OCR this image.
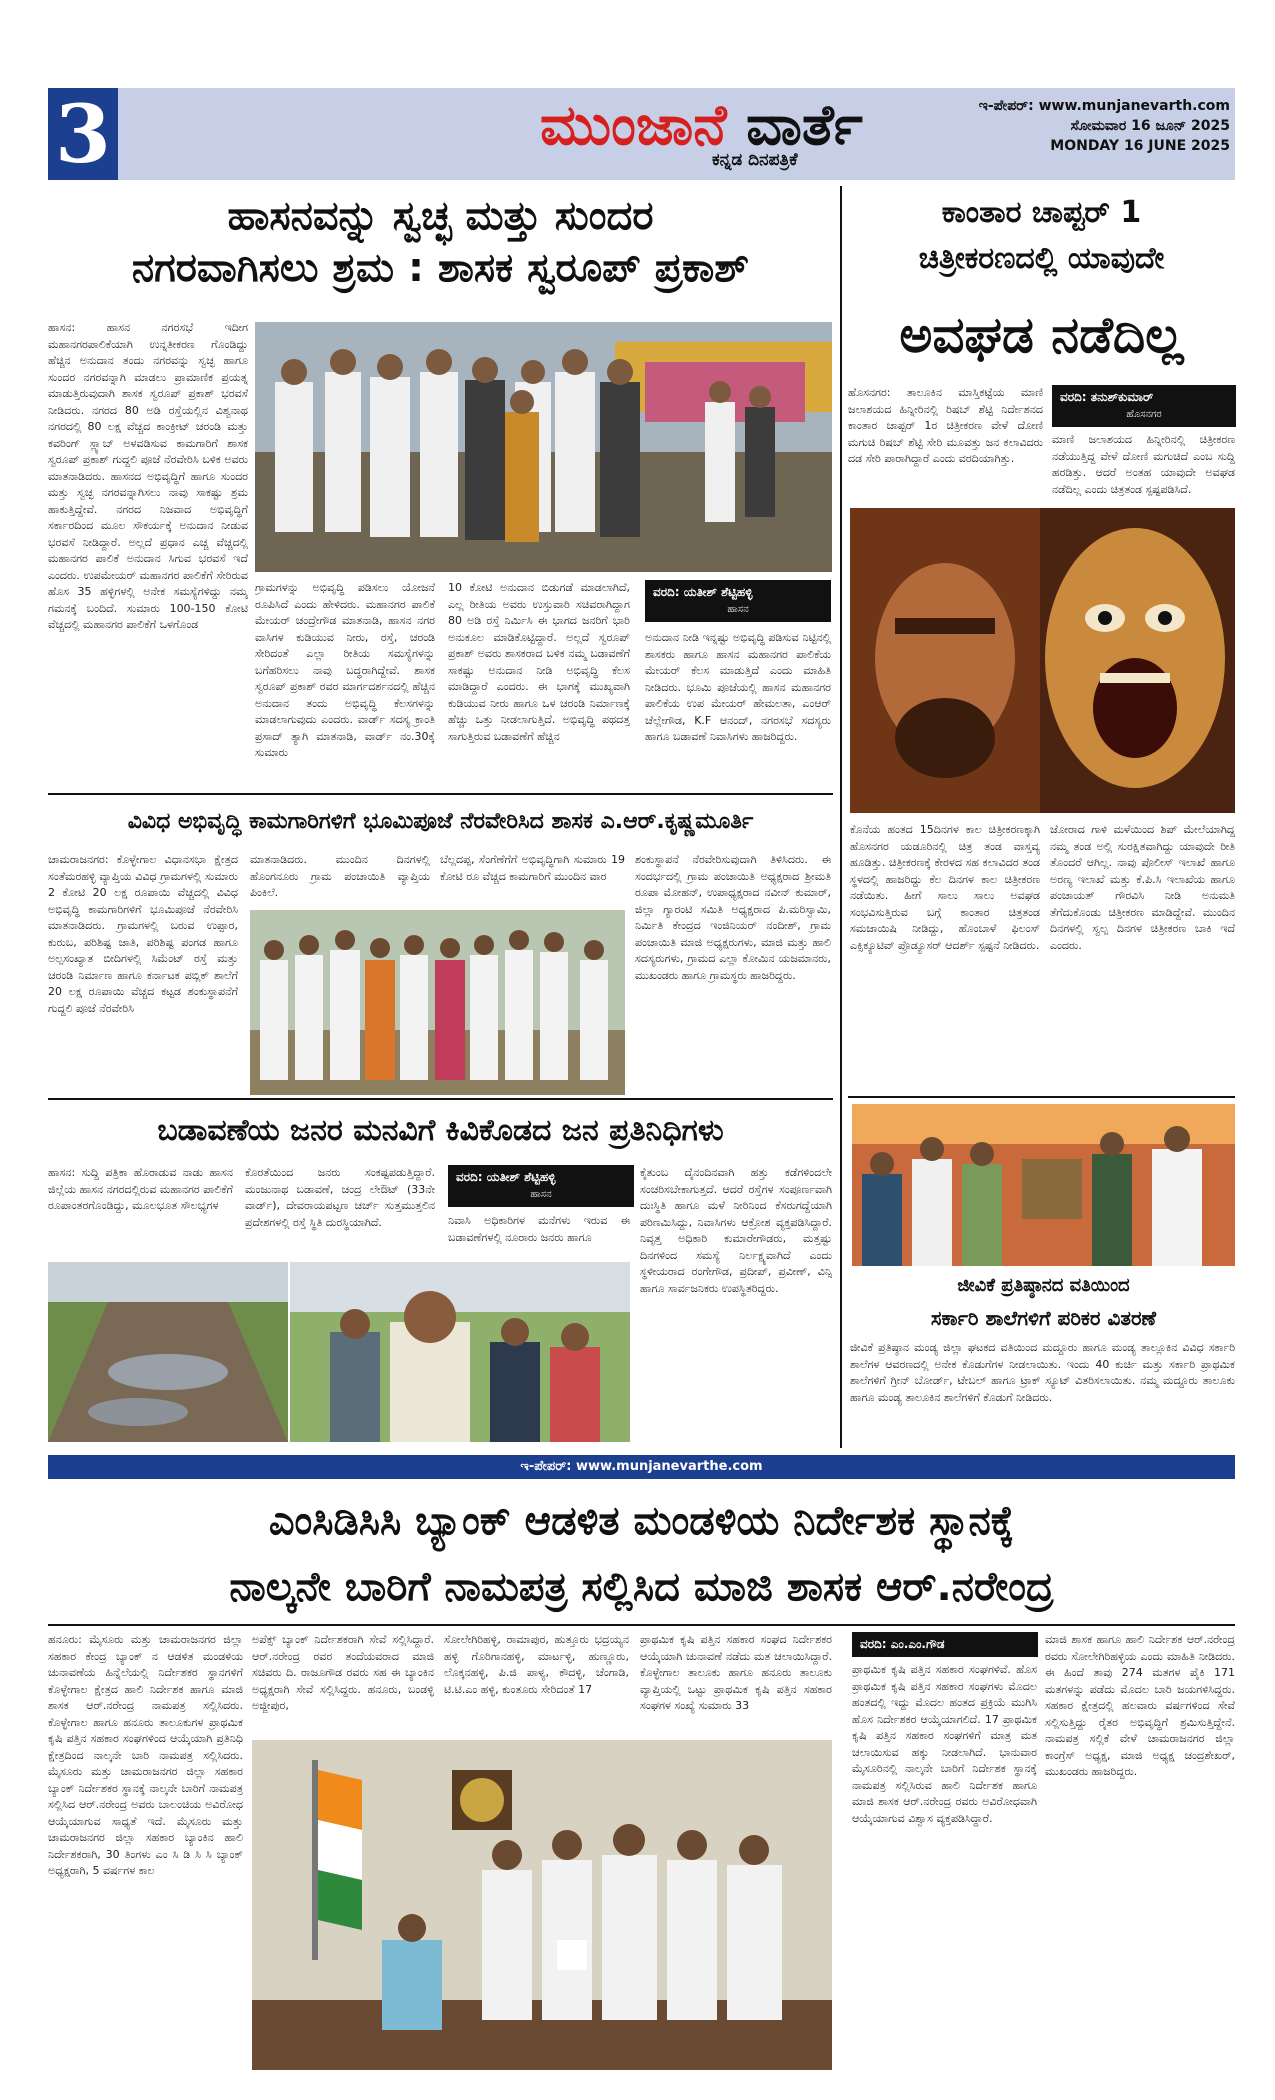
3	ಮುಂಜಾನೆ ವಾರ್ತೆ
ಕನ್ನಡ ದಿನಪತ್ರಿಕೆ
ಇ-ಪೇಪರ್: www.munjanevarth.com
ಸೋಮವಾರ 16 ಜೂನ್ 2025
MONDAY 16 JUNE 2025
ಹಾಸನವನ್ನು ಸ್ವಚ್ಛ ಮತ್ತು ಸುಂದರ
ನಗರವಾಗಿಸಲು ಶ್ರಮ : ಶಾಸಕ ಸ್ವರೂಪ್ ಪ್ರಕಾಶ್
ಹಾಸನ: ಹಾಸನ ನಗರಸಭೆ ಇದೀಗ ಮಹಾನಗರಪಾಲಿಕೆಯಾಗಿ ಉನ್ನತೀಕರಣ ಗೊಂಡಿದ್ದು ಹೆಚ್ಚಿನ ಅನುದಾನ ತಂದು ನಗರವನ್ನು ಸ್ವಚ್ಛ ಹಾಗೂ ಸುಂದರ ನಗರವನ್ನಾಗಿ ಮಾಡಲು ಪ್ರಾಮಾಣಿಕ ಪ್ರಯತ್ನ ಮಾಡುತ್ತಿರುವುದಾಗಿ ಶಾಸಕ ಸ್ವರೂಪ್ ಪ್ರಕಾಶ್ ಭರವಸೆ ನೀಡಿದರು. ನಗರದ 80 ಅಡಿ ರಸ್ತೆಯಲ್ಲಿನ ವಿಶ್ವನಾಥ ನಗರದಲ್ಲಿ 80 ಲಕ್ಷ ವೆಚ್ಚದ ಕಾಂಕ್ರೀಟ್ ಚರಂಡಿ ಮತ್ತು ಕವರಿಂಗ್ ಸ್ಲ್ಯಾಬ್ ಅಳವಡಿಸುವ ಕಾಮಗಾರಿಗೆ ಶಾಸಕ ಸ್ವರೂಪ್ ಪ್ರಕಾಶ್ ಗುದ್ದಲಿ ಪೂಜೆ ನೆರವೇರಿಸಿ ಬಳಿಕ ಅವರು ಮಾತನಾಡಿದರು. ಹಾಸನದ ಅಭಿವೃದ್ಧಿಗೆ ಹಾಗೂ ಸುಂದರ ಮತ್ತು ಸ್ವಚ್ಛ ನಗರವನ್ನಾಗಿಸಲು ನಾವು ಸಾಕಷ್ಟು ಶ್ರಮ ಹಾಕುತ್ತಿದ್ದೇವೆ. ನಗರದ ನಿಜವಾದ ಅಭಿವೃದ್ಧಿಗೆ ಸರ್ಕಾರದಿಂದ ಮೂಲ ಸೌಕರ್ಯಕ್ಕೆ ಅನುದಾನ ನೀಡುವ ಭರವಸೆ ನೀಡಿದ್ದಾರೆ. ಅಲ್ಲದೆ ಪ್ರಧಾನ ಎಚ್ಚ ವೆಚ್ಚದಲ್ಲಿ ಮಹಾನಗರ ಪಾಲಿಕೆ ಅನುದಾನ ಸಿಗುವ ಭರವಸೆ ಇದೆ ಎಂದರು. ಉಪಮೇಯರ್ ಮಹಾನಗರ ಪಾಲಿಕೆಗೆ ಸೇರಿರುವ ಹೊಸ 35 ಹಳ್ಳಿಗಳಲ್ಲಿ ಅನೇಕ ಸಮಸ್ಯೆಗಳಿದ್ದು ನಮ್ಮ ಗಮನಕ್ಕೆ ಬಂದಿದೆ. ಸುಮಾರು 100-150 ಕೋಟಿ ವೆಚ್ಚದಲ್ಲಿ ಮಹಾನಗರ ಪಾಲಿಕೆಗೆ ಒಳಗೊಂಡ
ಗ್ರಾಮಗಳನ್ನು ಅಭಿವೃದ್ಧಿ ಪಡಿಸಲು ಯೋಜನೆ ರೂಪಿಸಿದೆ ಎಂದು ಹೇಳಿದರು. ಮಹಾನಗರ ಪಾಲಿಕೆ ಮೇಯರ್ ಚಂದ್ರೇಗೌಡ ಮಾತನಾಡಿ, ಹಾಸನ ನಗರ ವಾಸಿಗಳ ಕುಡಿಯುವ ನೀರು, ರಸ್ತೆ, ಚರಂಡಿ ಸೇರಿದಂತೆ ಎಲ್ಲಾ ರೀತಿಯ ಸಮಸ್ಯೆಗಳನ್ನು ಬಗೆಹರಿಸಲು ನಾವು ಬದ್ಧರಾಗಿದ್ದೇವೆ. ಶಾಸಕ ಸ್ವರೂಪ್ ಪ್ರಕಾಶ್ ರವರ ಮಾರ್ಗದರ್ಶನದಲ್ಲಿ ಹೆಚ್ಚಿನ ಅನುದಾನ ತಂದು ಅಭಿವೃದ್ಧಿ ಕೆಲಸಗಳನ್ನು ಮಾಡಲಾಗುವುದು ಎಂದರು. ವಾರ್ಡ್ ಸದಸ್ಯ ಕ್ರಾಂತಿ ಪ್ರಸಾದ್ ತ್ಯಾಗಿ ಮಾತನಾಡಿ, ವಾರ್ಡ್ ನಂ.30ಕ್ಕೆ ಸುಮಾರು
10 ಕೋಟಿ ಅನುದಾನ ಬಿಡುಗಡೆ ಮಾಡಲಾಗಿದೆ, ಎಲ್ಲ ರೀತಿಯ ಅವರು ಉಸ್ತುವಾರಿ ಸಚಿವರಾಗಿದ್ದಾಗ 80 ಅಡಿ ರಸ್ತೆ ನಿರ್ಮಿಸಿ ಈ ಭಾಗದ ಜನರಿಗೆ ಭಾರಿ ಅನುಕೂಲ ಮಾಡಿಕೊಟ್ಟಿದ್ದಾರೆ. ಅಲ್ಲದೆ ಸ್ವರೂಪ್ ಪ್ರಕಾಶ್ ಅವರು ಶಾಸಕರಾದ ಬಳಿಕ ನಮ್ಮ ಬಡಾವಣೆಗೆ ಸಾಕಷ್ಟು ಅನುದಾನ ನೀಡಿ ಅಭಿವೃದ್ಧಿ ಕೆಲಸ ಮಾಡಿದ್ದಾರೆ ಎಂದರು. ಈ ಭಾಗಕ್ಕೆ ಮುಖ್ಯವಾಗಿ ಕುಡಿಯುವ ನೀರು ಹಾಗೂ ಒಳ ಚರಂಡಿ ನಿರ್ಮಾಣಕ್ಕೆ ಹೆಚ್ಚು ಒತ್ತು ನೀಡಲಾಗುತ್ತಿದೆ. ಅಭಿವೃದ್ಧಿ ಪಥದತ್ತ ಸಾಗುತ್ತಿರುವ ಬಡಾವಣೆಗೆ ಹೆಚ್ಚಿನ
ವರದಿ: ಯತೀಶ್ ಶೆಟ್ಟಿಹಳ್ಳಿ
ಹಾಸನ
ಅನುದಾನ ನೀಡಿ ಇನ್ನಷ್ಟು ಅಭಿವೃದ್ಧಿ ಪಡಿಸುವ ನಿಟ್ಟಿನಲ್ಲಿ ಶಾಸಕರು ಹಾಗೂ ಹಾಸನ ಮಹಾನಗರ ಪಾಲಿಕೆಯ ಮೇಯರ್ ಕೆಲಸ ಮಾಡುತ್ತಿದೆ ಎಂದು ಮಾಹಿತಿ ನೀಡಿದರು. ಭೂಮಿ ಪೂಜೆಯಲ್ಲಿ ಹಾಸನ ಮಹಾನಗರ ಪಾಲಿಕೆಯ ಉಪ ಮೇಯರ್ ಹೇಮಲತಾ, ಎಂಆರ್ ಚೆಲ್ಲೇಗೌಡ, K.F ಆನಂದ್, ನಗರಸಭೆ ಸದಸ್ಯರು ಹಾಗೂ ಬಡಾವಣೆ ನಿವಾಸಿಗಳು ಹಾಜರಿದ್ದರು.
ವಿವಿಧ ಅಭಿವೃದ್ಧಿ ಕಾಮಗಾರಿಗಳಿಗೆ ಭೂಮಿಪೂಜೆ ನೆರವೇರಿಸಿದ ಶಾಸಕ ಎ.ಆರ್.ಕೃಷ್ಣಮೂರ್ತಿ
ಚಾಮರಾಜನಗರ: ಕೊಳ್ಳೇಗಾಲ ವಿಧಾನಸಭಾ ಕ್ಷೇತ್ರದ ಸಂತೆಮರಹಳ್ಳಿ ವ್ಯಾಪ್ತಿಯ ವಿವಿಧ ಗ್ರಾಮಗಳಲ್ಲಿ ಸುಮಾರು 2 ಕೋಟಿ 20 ಲಕ್ಷ ರೂಪಾಯಿ ವೆಚ್ಚದಲ್ಲಿ ವಿವಿಧ ಅಭಿವೃದ್ಧಿ ಕಾಮಗಾರಿಗಳಿಗೆ ಭೂಮಿಪೂಜೆ ನೆರವೇರಿಸಿ ಮಾತನಾಡಿದರು. ಗ್ರಾಮಗಳಲ್ಲಿ ಬರುವ ಉಪ್ಪಾರ, ಕುರುಬ, ಪರಿಶಿಷ್ಟ ಜಾತಿ, ಪರಿಶಿಷ್ಟ ಪಂಗಡ ಹಾಗೂ ಅಲ್ಪಸಂಖ್ಯಾತ ಬೀದಿಗಳಲ್ಲಿ ಸಿಮೆಂಟ್ ರಸ್ತೆ ಮತ್ತು ಚರಂಡಿ ನಿರ್ಮಾಣ ಹಾಗೂ ಕರ್ನಾಟಕ ಪಬ್ಲಿಕ್ ಶಾಲೆಗೆ 20 ಲಕ್ಷ ರೂಪಾಯಿ ವೆಚ್ಚದ ಕಟ್ಟಡ ಶಂಕುಸ್ಥಾಪನೆಗೆ ಗುದ್ದಲಿ ಪೂಜೆ ನೆರವೇರಿಸಿ
ಮಾತನಾಡಿದರು. ಮುಂದಿನ ದಿನಗಳಲ್ಲಿ ಹೊಂಗನೂರು ಗ್ರಾಮ ಪಂಚಾಯಿತಿ ವ್ಯಾಪ್ತಿಯ ಪಿಂಕಿಲೆ.
ಬೆಲ್ಲದಪ್ಪ, ಸೆಂಗೆಣೆಗೆಗೆ ಅಭಿವೃದ್ಧಿಗಾಗಿ ಸುಮಾರು 19 ಕೋಟಿ ರೂ ವೆಚ್ಚದ ಕಾಮಗಾರಿಗೆ ಮುಂದಿನ ವಾರ
ಶಂಕುಸ್ಥಾಪನೆ ನೆರವೇರಿಸುವುದಾಗಿ ತಿಳಿಸಿದರು. ಈ ಸಂದರ್ಭದಲ್ಲಿ ಗ್ರಾಮ ಪಂಚಾಯಿತಿ ಅಧ್ಯಕ್ಷರಾದ ಶ್ರೀಮತಿ ರೂಪಾ ಮೋಹನ್, ಉಪಾಧ್ಯಕ್ಷರಾದ ನವೀನ್ ಕುಮಾರ್, ಜಿಲ್ಲಾ ಗ್ಯಾರಂಟಿ ಸಮಿತಿ ಅಧ್ಯಕ್ಷರಾದ ಪಿ.ಮರಿಸ್ವಾಮಿ, ನಿರ್ಮಿತಿ ಕೇಂದ್ರದ ಇಂಜಿನಿಯರ್ ನಂದೀಶ್, ಗ್ರಾಮ ಪಂಚಾಯಿತಿ ಮಾಜಿ ಅಧ್ಯಕ್ಷರುಗಳು, ಮಾಜಿ ಮತ್ತು ಹಾಲಿ ಸದಸ್ಯರುಗಳು, ಗ್ರಾಮದ ಎಲ್ಲಾ ಕೋಮಿನ ಯಜಮಾನರು, ಮುಖಂಡರು ಹಾಗೂ ಗ್ರಾಮಸ್ಥರು ಹಾಜರಿದ್ದರು.
ಬಡಾವಣೆಯ ಜನರ ಮನವಿಗೆ ಕಿವಿಕೊಡದ ಜನ ಪ್ರತಿನಿಧಿಗಳು
ಹಾಸನ: ಸುದ್ದಿ ಪತ್ರಿಕಾ ಹೊರಾಡುವ ನಾಡು ಹಾಸನ ಜಿಲ್ಲೆಯ ಹಾಸನ ನಗರದಲ್ಲಿರುವ ಮಹಾನಗರ ಪಾಲಿಕೆಗೆ ರೂಪಾಂತರಗೊಂಡಿದ್ದು, ಮೂಲಭೂತ ಸೌಲಭ್ಯಗಳ
ಕೊರತೆಯಿಂದ ಜನರು ಸಂಕಷ್ಟಪಡುತ್ತಿದ್ದಾರೆ. ಮಂಜುನಾಥ ಬಡಾವಣೆ, ಚಂದ್ರ ಲೇಔಟ್ (33ನೇ ವಾರ್ಡ್), ದೇವರಾಯಪಟ್ಟಣ ಚರ್ಚ್ ಸುತ್ತಮುತ್ತಲಿನ ಪ್ರದೇಶಗಳಲ್ಲಿ ರಸ್ತೆ ಸ್ಥಿತಿ ದುರಸ್ಥಿಯಾಗಿದೆ.
ವರದಿ: ಯತೀಶ್ ಶೆಟ್ಟಿಹಳ್ಳಿ
ಹಾಸನ
ನಿವಾಸಿ ಅಧಿಕಾರಿಗಳ ಮನೆಗಳು ಇರುವ ಈ ಬಡಾವಣೆಗಳಲ್ಲಿ ನೂರಾರು ಜನರು ಹಾಗೂ
ಕೈತುಂಬ ದೈನಂದಿನವಾಗಿ ಹತ್ತು ಕಡೆಗಳಿಂದಲೇ ಸಂಚರಿಸಬೇಕಾಗುತ್ತದೆ. ಆದರೆ ರಸ್ತೆಗಳ ಸಂಪೂರ್ಣವಾಗಿ ದುಃಸ್ಥಿತಿ ಹಾಗೂ ಮಳೆ ನೀರಿನಿಂದ ಕೆಸರುಗದ್ದೆಯಾಗಿ ಪರಿಣಮಿಸಿದ್ದು, ನಿವಾಸಿಗಳು ಆಕ್ರೋಶ ವ್ಯಕ್ತಪಡಿಸಿದ್ದಾರೆ. ನಿವೃತ್ತ ಅಧಿಕಾರಿ ಕುಮಾರೇಗೌಡರು, ಮತ್ತಷ್ಟು ದಿನಗಳಿಂದ ಸಮಸ್ಯೆ ನಿರ್ಲಕ್ಷ್ಯವಾಗಿದೆ ಎಂದು ಸ್ಥಳೀಯರಾದ ರಂಗೇಗೌಡ, ಪ್ರದೀಪ್, ಪ್ರವೀಣ್, ವಿನ್ಸಿ ಹಾಗೂ ಸಾರ್ವಜನಿಕರು ಉಪಸ್ಥಿತರಿದ್ದರು.
ಕಾಂತಾರ ಚಾಪ್ಟರ್ 1
ಚಿತ್ರೀಕರಣದಲ್ಲಿ ಯಾವುದೇ
ಅವಘಡ ನಡೆದಿಲ್ಲ
ಹೊಸನಗರ: ತಾಲೂಕಿನ ಮಾಸ್ತಿಕಟ್ಟೆಯ ಮಾಣಿ ಜಲಾಶಯದ ಹಿನ್ನೀರಿನಲ್ಲಿ ರಿಷಬ್ ಶೆಟ್ಟಿ ನಿರ್ದೇಶನದ ಕಾಂತಾರ ಚಾಪ್ಟರ್ 1ರ ಚಿತ್ರೀಕರಣ ವೇಳೆ ದೋಣಿ ಮಗುಚಿ ರಿಷಬ್ ಶೆಟ್ಟಿ ಸೇರಿ ಮೂವತ್ತು ಜನ ಕಲಾವಿದರು ದಡ ಸೇರಿ ಪಾರಾಗಿದ್ದಾರೆ ಎಂದು ವರದಿಯಾಗಿತ್ತು.
ವರದಿ: ತನುಶ್‌ಕುಮಾರ್
ಹೊಸನಗರ
ಮಾಣಿ ಜಲಾಶಯದ ಹಿನ್ನೀರಿನಲ್ಲಿ ಚಿತ್ರೀಕರಣ ನಡೆಯುತ್ತಿದ್ದ ವೇಳೆ ದೋಣಿ ಮಗುಚಿದೆ ಎಂಬ ಸುದ್ದಿ ಹರಡಿತ್ತು. ಆದರೆ ಅಂತಹ ಯಾವುದೇ ಅವಘಡ ನಡೆದಿಲ್ಲ ಎಂದು ಚಿತ್ರತಂಡ ಸ್ಪಷ್ಟಪಡಿಸಿದೆ.
ಕೊನೆಯ ಹಂತದ 15ದಿನಗಳ ಕಾಲ ಚಿತ್ರೀಕರಣಕ್ಕಾಗಿ ಹೊಸನಗರ ಯಡೂರಿನಲ್ಲಿ ಚಿತ್ರ ತಂಡ ವಾಸ್ತವ್ಯ ಹೂಡಿತ್ತು. ಚಿತ್ರೀಕರಣಕ್ಕೆ ಕೇರಳದ ಸಹ ಕಲಾವಿದರ ತಂಡ ಸ್ಥಳದಲ್ಲಿ ಹಾಜರಿದ್ದು ಕೆಲ ದಿನಗಳ ಕಾಲ ಚಿತ್ರೀಕರಣ ನಡೆಯಿತು. ಹೀಗೆ ಸಾಲು ಸಾಲು ಅವಘಡ ಸಂಭವಿಸುತ್ತಿರುವ ಬಗ್ಗೆ ಕಾಂತಾರ ಚಿತ್ರತಂಡ ಸಮಜಾಯಿಷಿ ನೀಡಿದ್ದು, ಹೊಂಬಾಳೆ ಫಿಲಂಸ್ ಎಕ್ಸಿಕ್ಯೂಟಿವ್ ಪ್ರೊಡ್ಯೂಸರ್ ಆದರ್ಶ್ ಸ್ಪಷ್ಟನೆ ನೀಡಿದರು.
ಜೋರಾದ ಗಾಳಿ ಮಳೆಯಿಂದ ಶಿಪ್ ಮೇಲೆಯಾಗಿದ್ದ ನಮ್ಮ ತಂಡ ಅಲ್ಲಿ ಸುರಕ್ಷಿತವಾಗಿದ್ದು ಯಾವುದೇ ರೀತಿ ತೊಂದರೆ ಆಗಿಲ್ಲ. ನಾವು ಪೊಲೀಸ್ ಇಲಾಖೆ ಹಾಗೂ ಅರಣ್ಯ ಇಲಾಖೆ ಮತ್ತು ಕೆ.ಪಿ.ಸಿ ಇಲಾಖೆಯ ಹಾಗೂ ಪಂಚಾಯತ್ ಗೌರವಿಸಿ ನೀಡಿ ಅನುಮತಿ ತೆಗೆದುಕೊಂಡು ಚಿತ್ರೀಕರಣ ಮಾಡಿದ್ದೇವೆ. ಮುಂದಿನ ದಿನಗಳಲ್ಲಿ ಸ್ವಲ್ಪ ದಿನಗಳ ಚಿತ್ರೀಕರಣ ಬಾಕಿ ಇದೆ ಎಂದರು.
ಜೀವಿಕೆ ಪ್ರತಿಷ್ಠಾನದ ವತಿಯಿಂದ
ಸರ್ಕಾರಿ ಶಾಲೆಗಳಿಗೆ ಪರಿಕರ ವಿತರಣೆ
ಜೀವಿಕೆ ಪ್ರತಿಷ್ಠಾನ ಮಂಡ್ಯ ಜಿಲ್ಲಾ ಘಟಕದ ವತಿಯಿಂದ ಮದ್ದೂರು ಹಾಗೂ ಮಂಡ್ಯ ತಾಲ್ಲೂಕಿನ ವಿವಿಧ ಸರ್ಕಾರಿ ಶಾಲೆಗಳ ಆವರಣದಲ್ಲಿ ಅನೇಕ ಕೊಡುಗೆಗಳ ನೀಡಲಾಯಿತು. ಇಂದು 40 ಕುರ್ಚಿ ಮತ್ತು ಸರ್ಕಾರಿ ಪ್ರಾಥಮಿಕ ಶಾಲೆಗಳಿಗೆ ಗ್ರೀನ್ ಬೋರ್ಡ್, ಟೇಬಲ್ ಹಾಗೂ ಟ್ರಾಕ್ ಸ್ಯೂಟ್ ವಿತರಿಸಲಾಯಿತು. ನಮ್ಮ ಮದ್ದೂರು ತಾಲೂಕು ಹಾಗೂ ಮಂಡ್ಯ ತಾಲೂಕಿನ ಶಾಲೆಗಳಿಗೆ ಕೊಡುಗೆ ನೀಡಿದರು.
ಇ-ಪೇಪರ್: www.munjanevarthe.com
ಎಂಸಿಡಿಸಿಸಿ ಬ್ಯಾಂಕ್ ಆಡಳಿತ ಮಂಡಳಿಯ ನಿರ್ದೇಶಕ ಸ್ಥಾನಕ್ಕೆ
ನಾಲ್ಕನೇ ಬಾರಿಗೆ ನಾಮಪತ್ರ ಸಲ್ಲಿಸಿದ ಮಾಜಿ ಶಾಸಕ ಆರ್.ನರೇಂದ್ರ
ಹನೂರು: ಮೈಸೂರು ಮತ್ತು ಚಾಮರಾಜನಗರ ಜಿಲ್ಲಾ ಸಹಕಾರ ಕೇಂದ್ರ ಬ್ಯಾಂಕ್ ನ ಆಡಳಿತ ಮಂಡಳಿಯ ಚುನಾವಣೆಯ ಹಿನ್ನೆಲೆಯಲ್ಲಿ ನಿರ್ದೇಶಕರ ಸ್ಥಾನಗಳಿಗೆ ಕೊಳ್ಳೇಗಾಲ ಕ್ಷೇತ್ರದ ಹಾಲಿ ನಿರ್ದೇಶಕ ಹಾಗೂ ಮಾಜಿ ಶಾಸಕ ಆರ್.ನರೇಂದ್ರ ನಾಮಪತ್ರ ಸಲ್ಲಿಸಿದರು. ಕೊಳ್ಳೇಗಾಲ ಹಾಗೂ ಹನೂರು ತಾಲೂಕುಗಳ ಪ್ರಾಥಮಿಕ ಕೃಷಿ ಪತ್ತಿನ ಸಹಕಾರ ಸಂಘಗಳಿಂದ ಆಯ್ಕೆಯಾಗಿ ಪ್ರತಿನಿಧಿ ಕ್ಷೇತ್ರದಿಂದ ನಾಲ್ಕನೇ ಬಾರಿ ನಾಮಪತ್ರ ಸಲ್ಲಿಸಿದರು. ಮೈಸೂರು ಮತ್ತು ಚಾಮರಾಜನಗರ ಜಿಲ್ಲಾ ಸಹಕಾರ ಬ್ಯಾಂಕ್ ನಿರ್ದೇಶಕರ ಸ್ಥಾನಕ್ಕೆ ನಾಲ್ಕನೇ ಬಾರಿಗೆ ನಾಮಪತ್ರ ಸಲ್ಲಿಸಿದ ಆರ್.ನರೇಂದ್ರ ಅವರು ಬಾಲಂಚಿಯ ಅವಿರೋಧ ಆಯ್ಕೆಯಾಗುವ ಸಾಧ್ಯತೆ ಇದೆ. ಮೈಸೂರು ಮತ್ತು ಚಾಮರಾಜನಗರ ಜಿಲ್ಲಾ ಸಹಕಾರ ಬ್ಯಾಂಕಿನ ಹಾಲಿ ನಿರ್ದೇಶಕರಾಗಿ, 30 ತಿಂಗಳು ಎಂ ಸಿ ಡಿ ಸಿ ಸಿ ಬ್ಯಾಂಕ್ ಅಧ್ಯಕ್ಷರಾಗಿ, 5 ವರ್ಷಗಳ ಕಾಲ
ಅಪೆಕ್ಸ್ ಬ್ಯಾಂಕ್ ನಿರ್ದೇಶಕರಾಗಿ ಸೇವೆ ಸಲ್ಲಿಸಿದ್ದಾರೆ. ಆರ್.ನರೇಂದ್ರ ರವರ ತಂದೆಯವರಾದ ಮಾಜಿ ಸಚಿವರು ದಿ. ರಾಜೂಗೌಡ ರವರು ಸಹ ಈ ಬ್ಯಾಂಕಿನ ಅಧ್ಯಕ್ಷರಾಗಿ ಸೇವೆ ಸಲ್ಲಿಸಿದ್ದರು. ಹನೂರು, ಬಂಡಳ್ಳಿ ಅಜ್ಜೀಪುರ,
ಸೋಲೇಗಿರಿಹಳ್ಳಿ, ರಾಮಾಪುರ, ಹುತ್ತೂರು ಭದ್ರಯ್ಯನ ಹಳ್ಳಿ ಗೊರಿಗಾನಹಳ್ಳಿ, ಮಾರ್ಟಳ್ಳಿ, ಹುಣ್ಣೂರು, ಲೊಕ್ಕನಹಳ್ಳಿ, ಪಿ.ಜಿ ಪಾಳ್ಯ, ಕೌದಳ್ಳಿ, ಚೆಂಗಾಡಿ, ಟಿ.ಟಿ.ಎಂ ಹಳ್ಳಿ, ಕುಂತೂರು ಸೇರಿದಂತೆ 17
ಪ್ರಾಥಮಿಕ ಕೃಷಿ ಪತ್ತಿನ ಸಹಕಾರ ಸಂಘದ ನಿರ್ದೇಶಕರ ಆಯ್ಕೆಯಾಗಿ ಚುನಾವಣೆ ನಡೆದು ಮತ ಚಲಾಯಿಸಿದ್ದಾರೆ. ಕೊಳ್ಳೇಗಾಲ ತಾಲೂಕು ಹಾಗೂ ಹನೂರು ತಾಲೂಕು ವ್ಯಾಪ್ತಿಯಲ್ಲಿ ಒಟ್ಟು ಪ್ರಾಥಮಿಕ ಕೃಷಿ ಪತ್ತಿನ ಸಹಕಾರ ಸಂಘಗಳ ಸಂಖ್ಯೆ ಸುಮಾರು 33
ವರದಿ: ಎಂ.ಎಂ.ಗೌಡ
ಪ್ರಾಥಮಿಕ ಕೃಷಿ ಪತ್ತಿನ ಸಹಕಾರ ಸಂಘಗಳಿವೆ. ಹೊಸ ಪ್ರಾಥಮಿಕ ಕೃಷಿ ಪತ್ತಿನ ಸಹಕಾರ ಸಂಘಗಳು ಮೊದಲ ಹಂತದಲ್ಲಿ ಇದ್ದು ಮೊದಲ ಹಂತದ ಪ್ರಕ್ರಿಯೆ ಮುಗಿಸಿ ಹೊಸ ನಿರ್ದೇಶಕರ ಆಯ್ಕೆಯಾಗಲಿದೆ. 17 ಪ್ರಾಥಮಿಕ ಕೃಷಿ ಪತ್ತಿನ ಸಹಕಾರ ಸಂಘಗಳಿಗೆ ಮಾತ್ರ ಮತ ಚಲಾಯಿಸುವ ಹಕ್ಕು ನೀಡಲಾಗಿದೆ. ಭಾನುವಾರ ಮೈಸೂರಿನಲ್ಲಿ ನಾಲ್ಕನೇ ಬಾರಿಗೆ ನಿರ್ದೇಶಕ ಸ್ಥಾನಕ್ಕೆ ನಾಮಪತ್ರ ಸಲ್ಲಿಸಿರುವ ಹಾಲಿ ನಿರ್ದೇಶಕ ಹಾಗೂ ಮಾಜಿ ಶಾಸಕ ಆರ್.ನರೇಂದ್ರ ರವರು ಅವಿರೋಧವಾಗಿ ಆಯ್ಕೆಯಾಗುವ ವಿಶ್ವಾಸ ವ್ಯಕ್ತಪಡಿಸಿದ್ದಾರೆ.
ಮಾಜಿ ಶಾಸಕ ಹಾಗೂ ಹಾಲಿ ನಿರ್ದೇಶಕ ಆರ್.ನರೇಂದ್ರ ರವರು ಸೋಲೇಗಿರಿಹಳ್ಳಿಯ ಎಂದು ಮಾಹಿತಿ ನೀಡಿದರು. ಈ ಹಿಂದೆ ತಾವು 274 ಮತಗಳ ಪೈಕಿ 171 ಮತಗಳನ್ನು ಪಡೆದು ಮೊದಲ ಬಾರಿ ಜಯಗಳಿಸಿದ್ದರು. ಸಹಕಾರ ಕ್ಷೇತ್ರದಲ್ಲಿ ಹಲವಾರು ವರ್ಷಗಳಿಂದ ಸೇವೆ ಸಲ್ಲಿಸುತ್ತಿದ್ದು ರೈತರ ಅಭಿವೃದ್ಧಿಗೆ ಶ್ರಮಿಸುತ್ತಿದ್ದೇನೆ. ನಾಮಪತ್ರ ಸಲ್ಲಿಕೆ ವೇಳೆ ಚಾಮರಾಜನಗರ ಜಿಲ್ಲಾ ಕಾಂಗ್ರೆಸ್ ಅಧ್ಯಕ್ಷ, ಮಾಜಿ ಅಧ್ಯಕ್ಷ ಚಂದ್ರಶೇಖರ್, ಮುಖಂಡರು ಹಾಜರಿದ್ದರು.
